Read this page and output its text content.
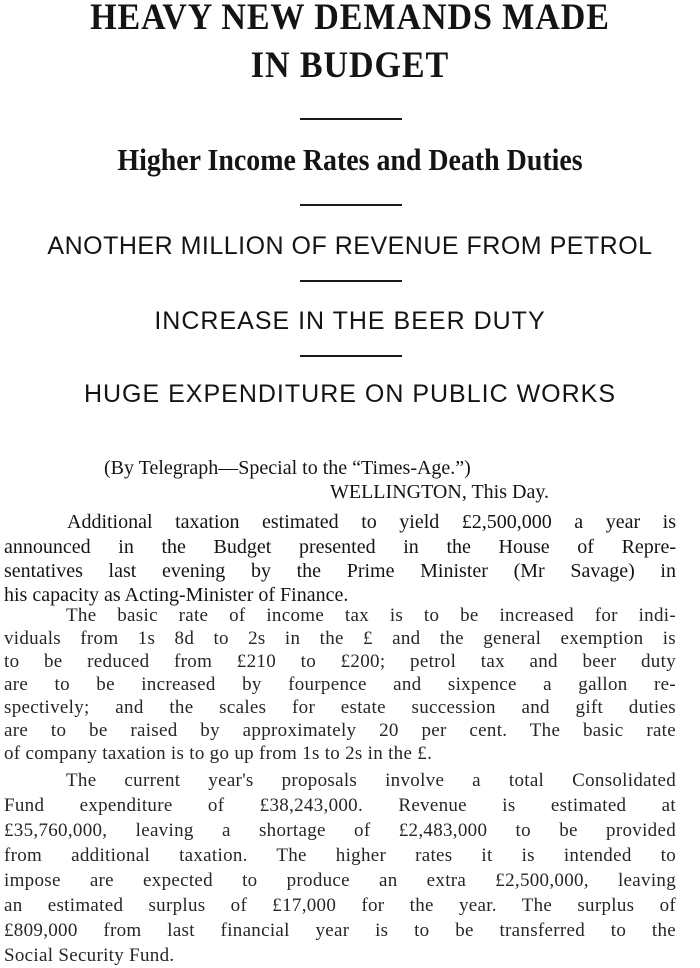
HEAVY NEW DEMANDS MADE
IN BUDGET
Higher Income Rates and Death Duties
ANOTHER MILLION OF REVENUE FROM PETROL
INCREASE IN THE BEER DUTY
HUGE EXPENDITURE ON PUBLIC WORKS
(By Telegraph—Special to the “Times-Age.”)
WELLINGTON, This Day.
Additional taxation estimated to yield £2,500,000 a year is
announced in the Budget presented in the House of Repre-
sentatives last evening by the Prime Minister (Mr Savage) in
his capacity as Acting-Minister of Finance.
The basic rate of income tax is to be increased for indi-
viduals from 1s 8d to 2s in the £ and the general exemption is
to be reduced from £210 to £200; petrol tax and beer duty
are to be increased by fourpence and sixpence a gallon re-
spectively; and the scales for estate succession and gift duties
are to be raised by approximately 20 per cent. The basic rate
of company taxation is to go up from 1s to 2s in the £.
The current year's proposals involve a total Consolidated
Fund expenditure of £38,243,000. Revenue is estimated at
£35,760,000, leaving a shortage of £2,483,000 to be provided
from additional taxation. The higher rates it is intended to
impose are expected to produce an extra £2,500,000, leaving
an estimated surplus of £17,000 for the year. The surplus of
£809,000 from last financial year is to be transferred to the
Social Security Fund.
